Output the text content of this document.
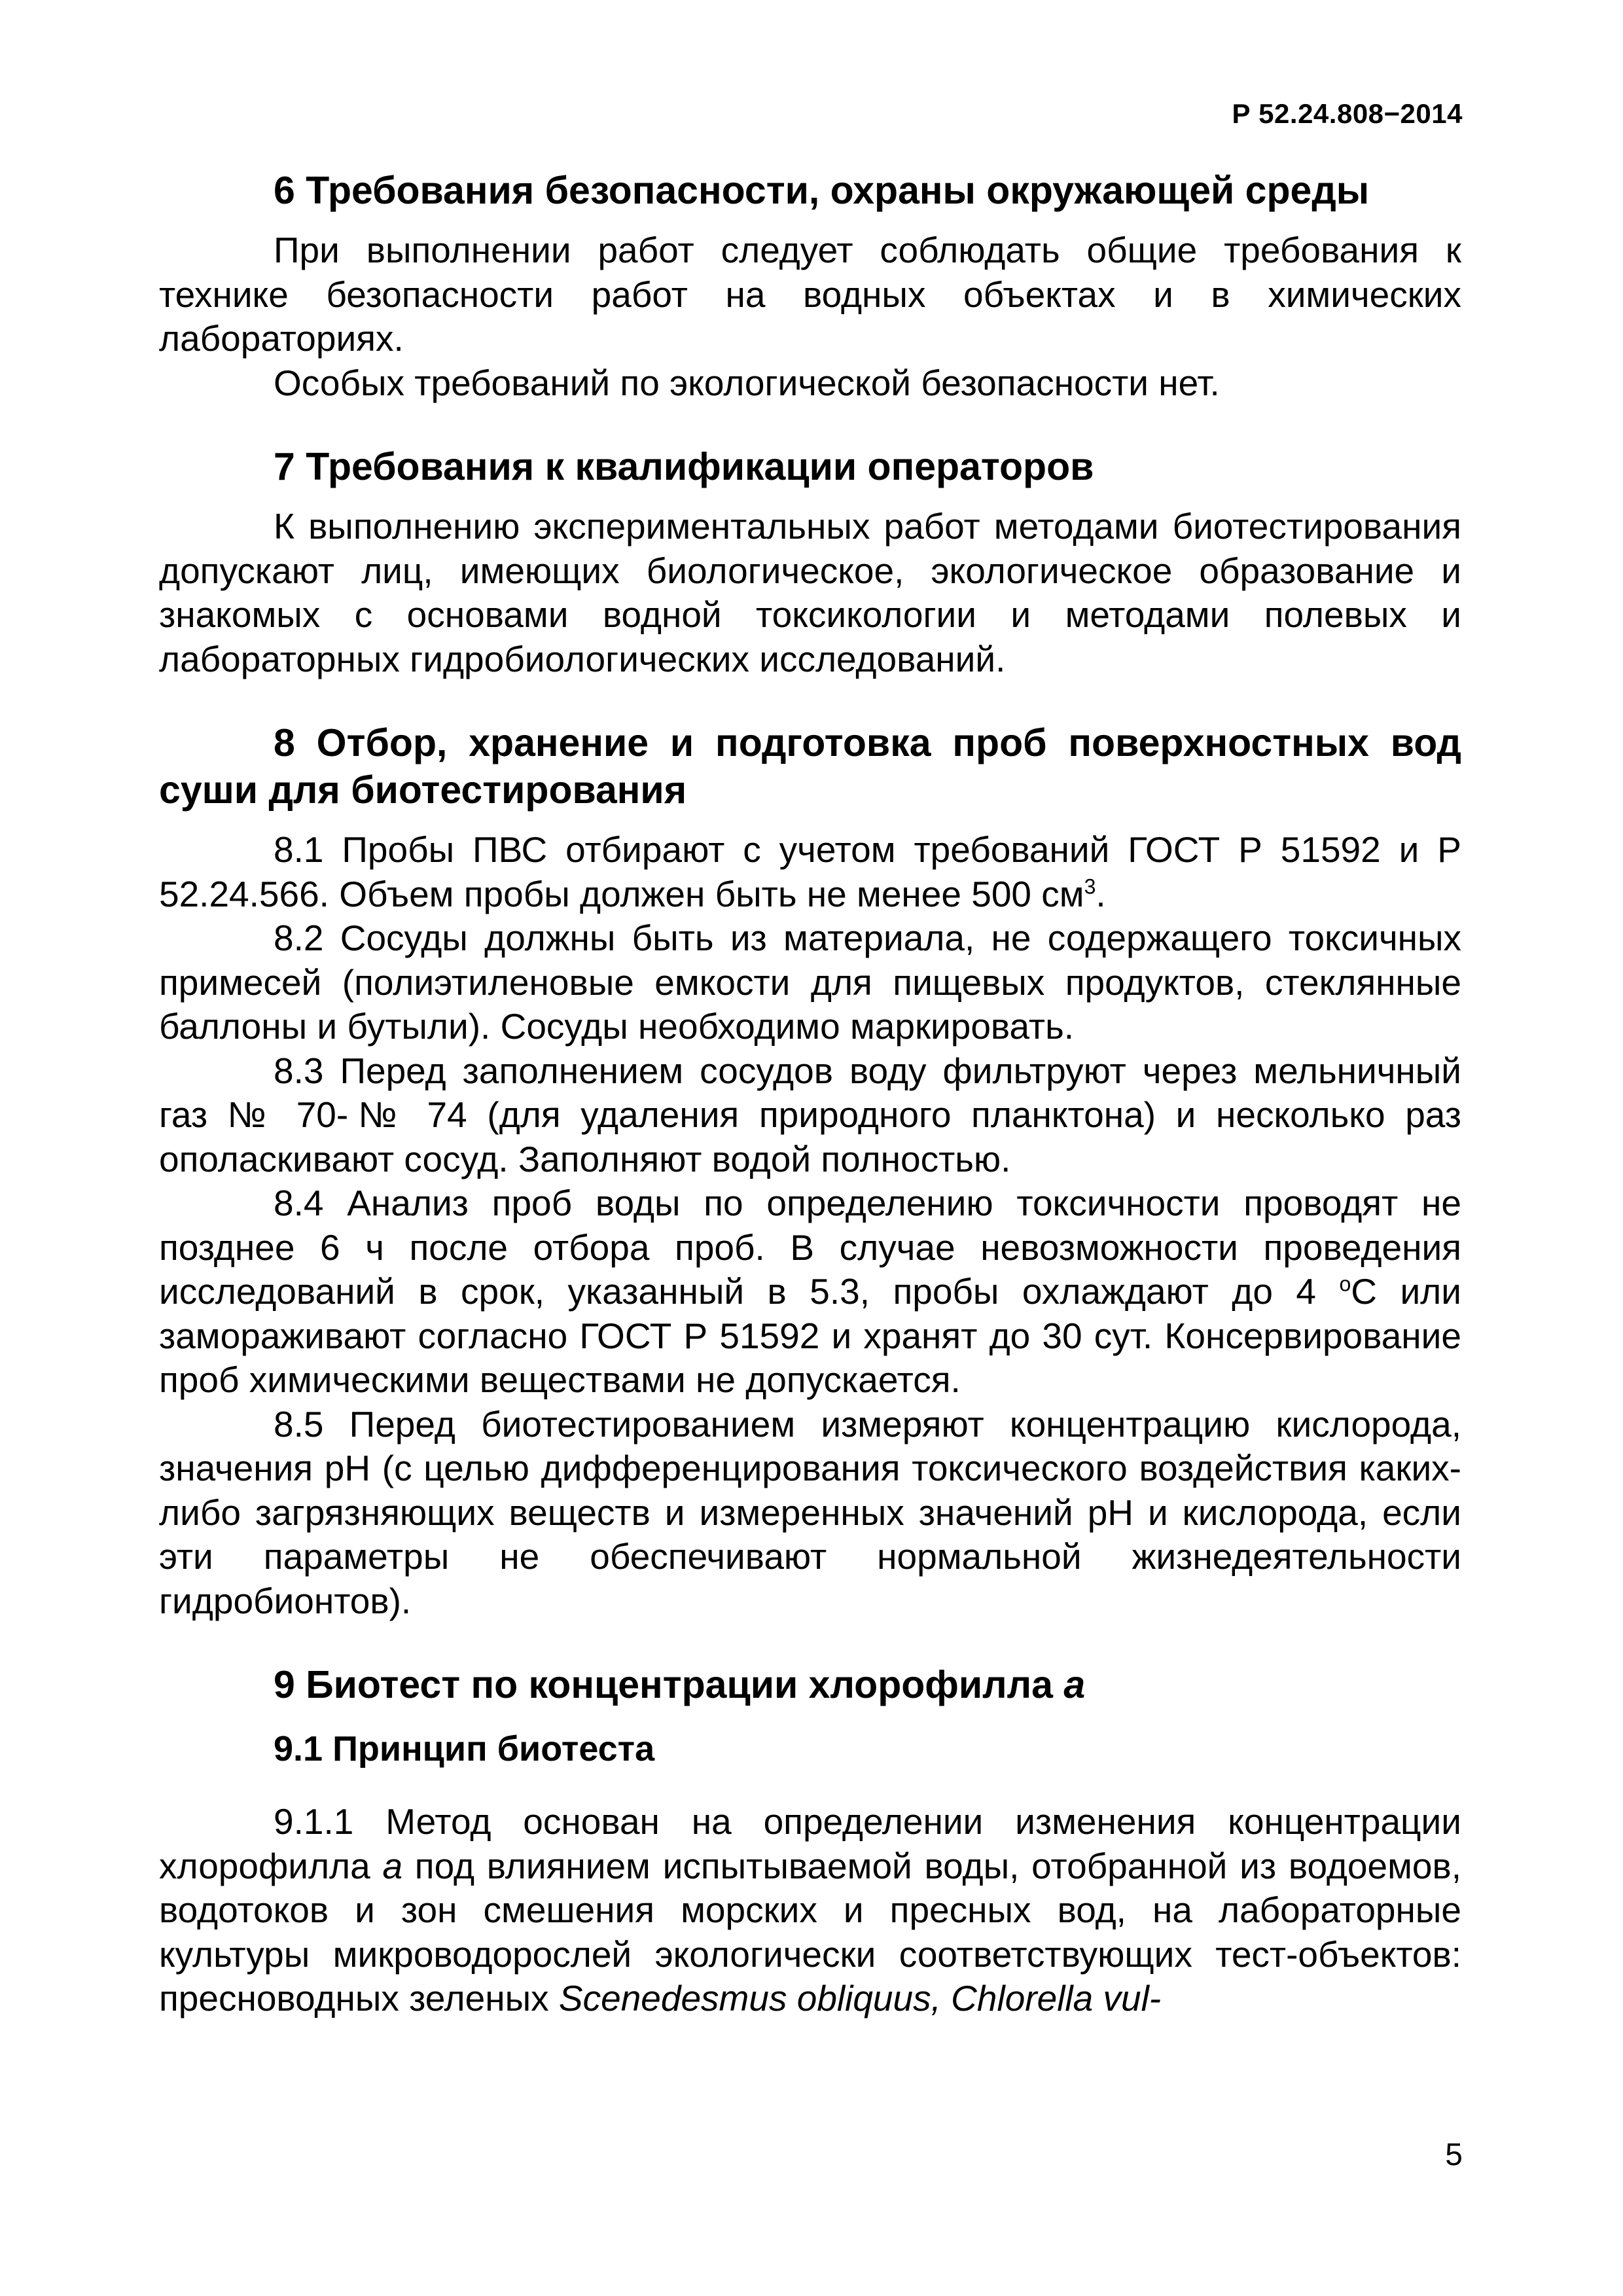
Р 52.24.808−2014
6 Требования безопасности, охраны окружающей среды

При выполнении работ следует соблюдать общие требования к технике безопасности работ на водных объектах и в химических лабораториях.

Особых требований по экологической безопасности нет.

7 Требования к квалификации операторов

К выполнению экспериментальных работ методами биотестирования допускают лиц, имеющих биологическое, экологическое образование и знакомых с основами водной токсикологии и методами полевых и лабораторных гидробиологических исследований.

8 Отбор, хранение и подготовка проб поверхностных вод суши для биотестирования

8.1 Пробы ПВС отбирают с учетом требований ГОСТ Р 51592 и Р 52.24.566. Объем пробы должен быть не менее 500 $см^3$.

8.2 Сосуды должны быть из материала, не содержащего токсичных примесей (полиэтиленовые емкости для пищевых продуктов, стеклянные баллоны и бутыли). Сосуды необходимо маркировать.

8.3 Перед заполнением сосудов воду фильтруют через мельничный газ № 70-№ 74 (для удаления природного планктона) и несколько раз ополаскивают сосуд. Заполняют водой полностью.

8.4 Анализ проб воды по определению токсичности проводят не позднее 6 ч после отбора проб. В случае невозможности проведения исследований в срок, указанный в 5.3, пробы охлаждают до 4 $^o$С или замораживают согласно ГОСТ Р 51592 и хранят до 30 сут. Консервирование проб химическими веществами не допускается.

8.5 Перед биотестированием измеряют концентрацию кислорода, значения pH (с целью дифференцирования токсического воздействия каких-либо загрязняющих веществ и измеренных значений pH и кислорода, если эти параметры не обеспечивают нормальной жизнедеятельности гидробионтов).

9 Биотест по концентрации хлорофилла a
9.1 Принцип биотеста

9.1.1 Метод основан на определении изменения концентрации хлорофилла а под влиянием испытываемой воды, отобранной из водоемов, водотоков и зон смешения морских и пресных вод, на лабораторные культуры микроводорослей экологически соответствующих тест-объектов: пресноводных зеленых Scenedesmus obliquus, Chlorella vul-

5
